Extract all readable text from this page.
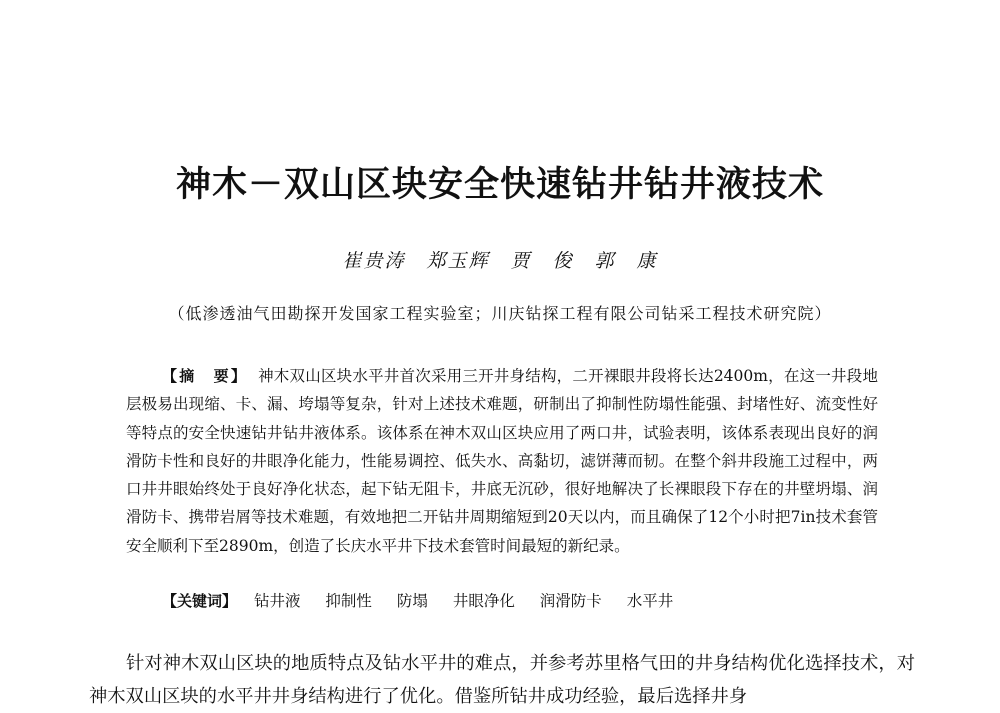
神木－双山区块安全快速钻井钻井液技术
崔贵涛　郑玉辉　贾　俊　郭　康
（低渗透油气田勘探开发国家工程实验室；川庆钻探工程有限公司钻采工程技术研究院）
【摘　要】 神木双山区块水平井首次采用三开井身结构，二开裸眼井段将长达2400m，在这一井段地层极易出现缩、卡、漏、垮塌等复杂，针对上述技术难题，研制出了抑制性防塌性能强、封堵性好、流变性好等特点的安全快速钻井钻井液体系。该体系在神木双山区块应用了两口井，试验表明，该体系表现出良好的润滑防卡性和良好的井眼净化能力，性能易调控、低失水、高黏切，滤饼薄而韧。在整个斜井段施工过程中，两口井井眼始终处于良好净化状态，起下钻无阻卡，井底无沉砂，很好地解决了长裸眼段下存在的井壁坍塌、润滑防卡、携带岩屑等技术难题，有效地把二开钻井周期缩短到20天以内，而且确保了12个小时把7in技术套管安全顺利下至2890m，创造了长庆水平井下技术套管时间最短的新纪录。
【关键词】 钻井液 抑制性 防塌 井眼净化 润滑防卡 水平井
针对神木双山区块的地质特点及钻水平井的难点，并参考苏里格气田的井身结构优化选择技术，对神木双山区块的水平井井身结构进行了优化。借鉴所钻井成功经验，最后选择井身
